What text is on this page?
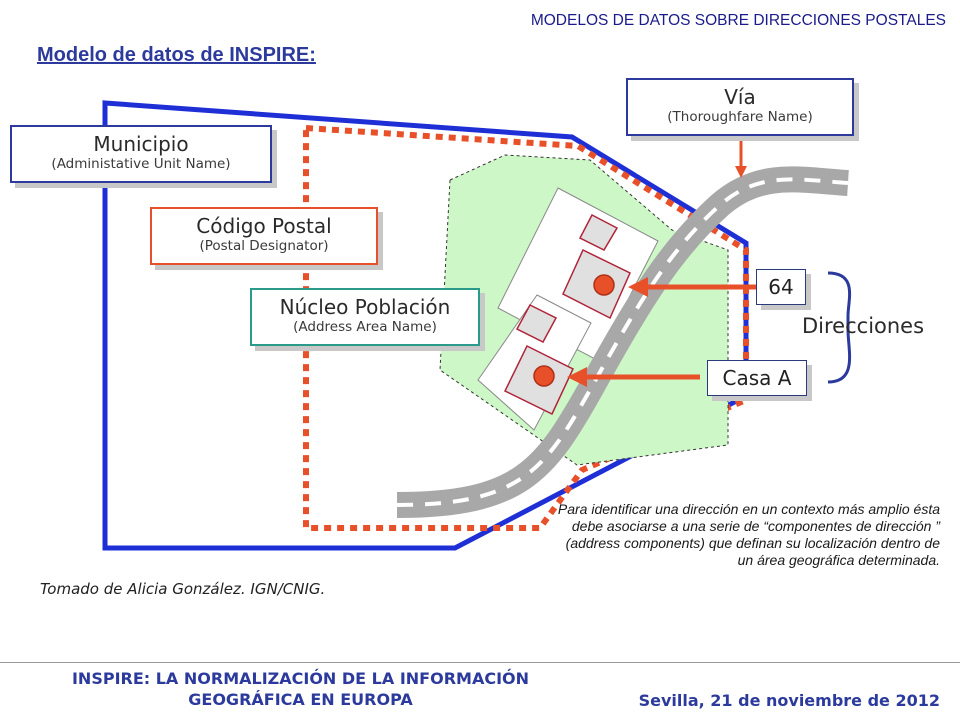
MODELOS DE DATOS SOBRE DIRECCIONES POSTALES
Modelo de datos de INSPIRE:
Municipio
(Administative Unit Name)
Código Postal
(Postal Designator)
Núcleo Población
(Address Area Name)
Vía
(Thoroughfare Name)
64
Casa A
Direcciones
Para identificar una dirección en un contexto más amplio ésta debe asociarse a una serie de “componentes de dirección ” (address components) que definan su localización dentro de un área geográfica determinada.
Tomado de Alicia González. IGN/CNIG.
INSPIRE: LA NORMALIZACIÓN DE LA INFORMACIÓN GEOGRÁFICA EN EUROPA	Sevilla, 21 de noviembre de 2012
